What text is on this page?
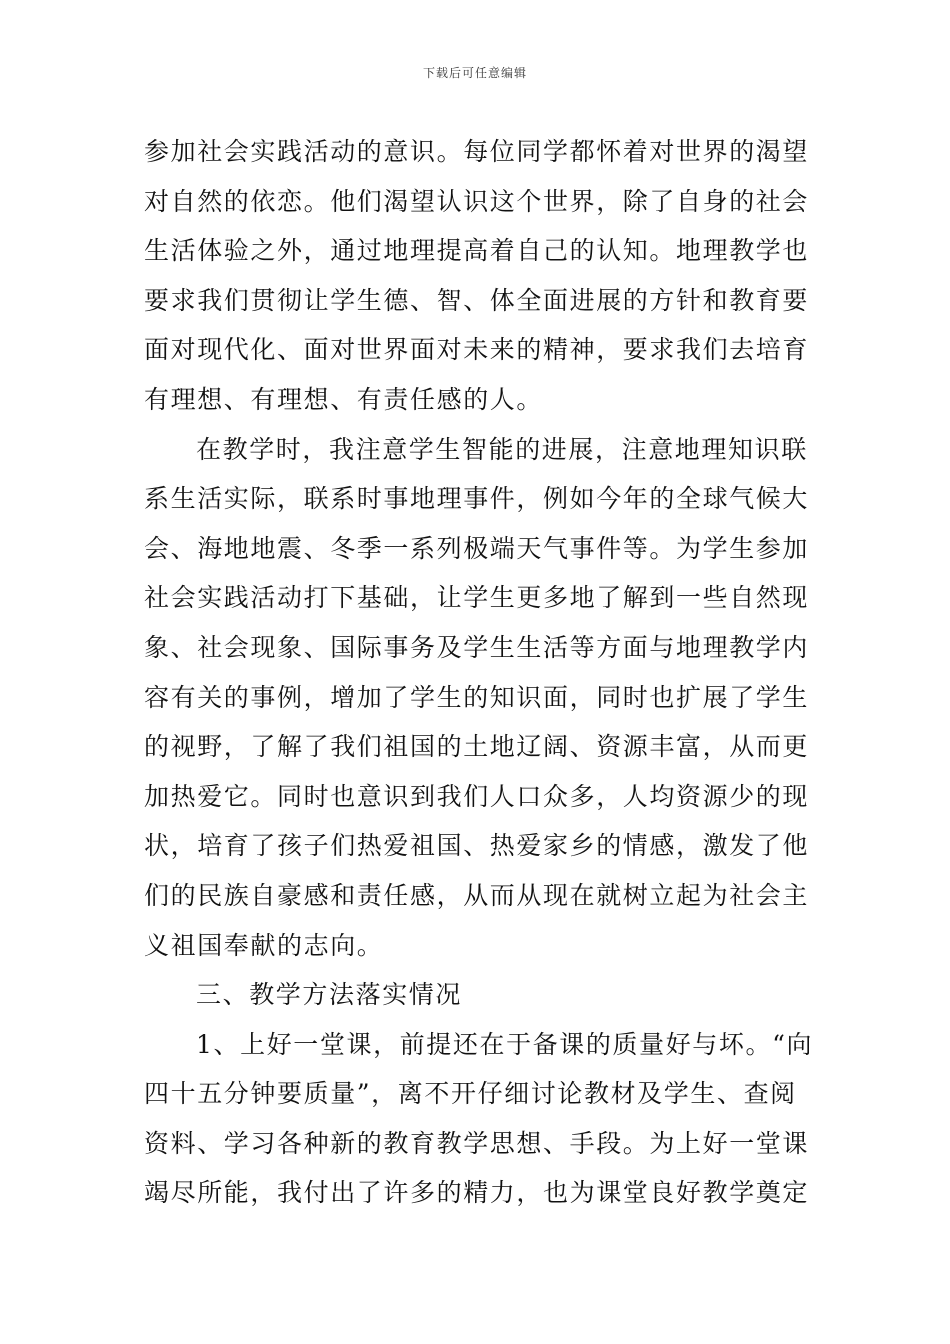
下载后可任意编辑
参加社会实践活动的意识。每位同学都怀着对世界的渴望
对自然的依恋。他们渴望认识这个世界，除了自身的社会
生活体验之外，通过地理提高着自己的认知。地理教学也
要求我们贯彻让学生德、智、体全面进展的方针和教育要
面对现代化、面对世界面对未来的精神，要求我们去培育
有理想、有理想、有责任感的人。
在教学时，我注意学生智能的进展，注意地理知识联
系生活实际，联系时事地理事件，例如今年的全球气候大
会、海地地震、冬季一系列极端天气事件等。为学生参加
社会实践活动打下基础，让学生更多地了解到一些自然现
象、社会现象、国际事务及学生生活等方面与地理教学内
容有关的事例，增加了学生的知识面，同时也扩展了学生
的视野，了解了我们祖国的土地辽阔、资源丰富，从而更
加热爱它。同时也意识到我们人口众多，人均资源少的现
状，培育了孩子们热爱祖国、热爱家乡的情感，激发了他
们的民族自豪感和责任感，从而从现在就树立起为社会主
义祖国奉献的志向。
三、教学方法落实情况
1、上好一堂课，前提还在于备课的质量好与坏。“向
四十五分钟要质量”，离不开仔细讨论教材及学生、查阅
资料、学习各种新的教育教学思想、手段。为上好一堂课
竭尽所能，我付出了许多的精力，也为课堂良好教学奠定
